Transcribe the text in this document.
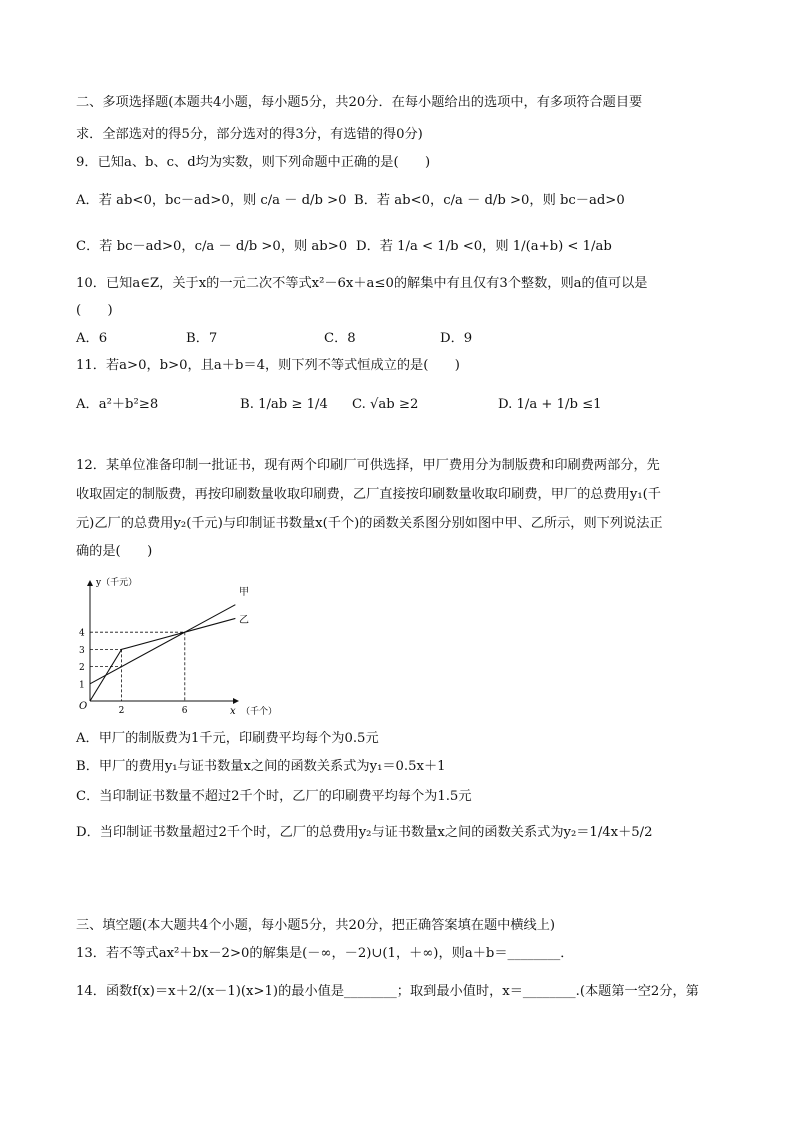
二、多项选择题(本题共4小题，每小题5分，共20分．在每小题给出的选项中，有多项符合题目要
求．全部选对的得5分，部分选对的得3分，有选错的得0分)
9．已知a、b、c、d均为实数，则下列命题中正确的是(　　)
A．若 ab<0，bc－ad>0，则 c/a － d/b >0 B．若 ab<0，c/a － d/b >0，则 bc－ad>0
C．若 bc－ad>0，c/a － d/b >0，则 ab>0 D．若 1/a < 1/b <0，则 1/(a+b) < 1/ab
10．已知a∈Z，关于x的一元二次不等式x²－6x＋a≤0的解集中有且仅有3个整数，则a的值可以是
(　　)
A．6	B．7	C．8	D．9
11．若a>0，b>0，且a＋b＝4，则下列不等式恒成立的是(　　)
A．a²＋b²≥8	B. 1/ab ≥ 1/4 C. √ab ≥2	D. 1/a + 1/b ≤1
12．某单位准备印制一批证书，现有两个印刷厂可供选择，甲厂费用分为制版费和印刷费两部分，先
收取固定的制版费，再按印刷数量收取印刷费，乙厂直接按印刷数量收取印刷费，甲厂的总费用y₁(千
元)乙厂的总费用y₂(千元)与印制证书数量x(千个)的函数关系图分别如图中甲、乙所示，则下列说法正
确的是(　　)
y（千元）
x （千个）
O
甲
乙
1
2
3
4
2	6
A．甲厂的制版费为1千元，印刷费平均每个为0.5元
B．甲厂的费用y₁与证书数量x之间的函数关系式为y₁＝0.5x＋1
C．当印制证书数量不超过2千个时，乙厂的印刷费平均每个为1.5元
D．当印制证书数量超过2千个时，乙厂的总费用y₂与证书数量x之间的函数关系式为y₂＝1/4x＋5/2
三、填空题(本大题共4个小题，每小题5分，共20分，把正确答案填在题中横线上)
13．若不等式ax²＋bx－2>0的解集是(－∞，－2)∪(1，＋∞)，则a＋b＝________．
14．函数f(x)＝x＋2/(x－1)(x>1)的最小值是________；取到最小值时，x＝________.(本题第一空2分，第
